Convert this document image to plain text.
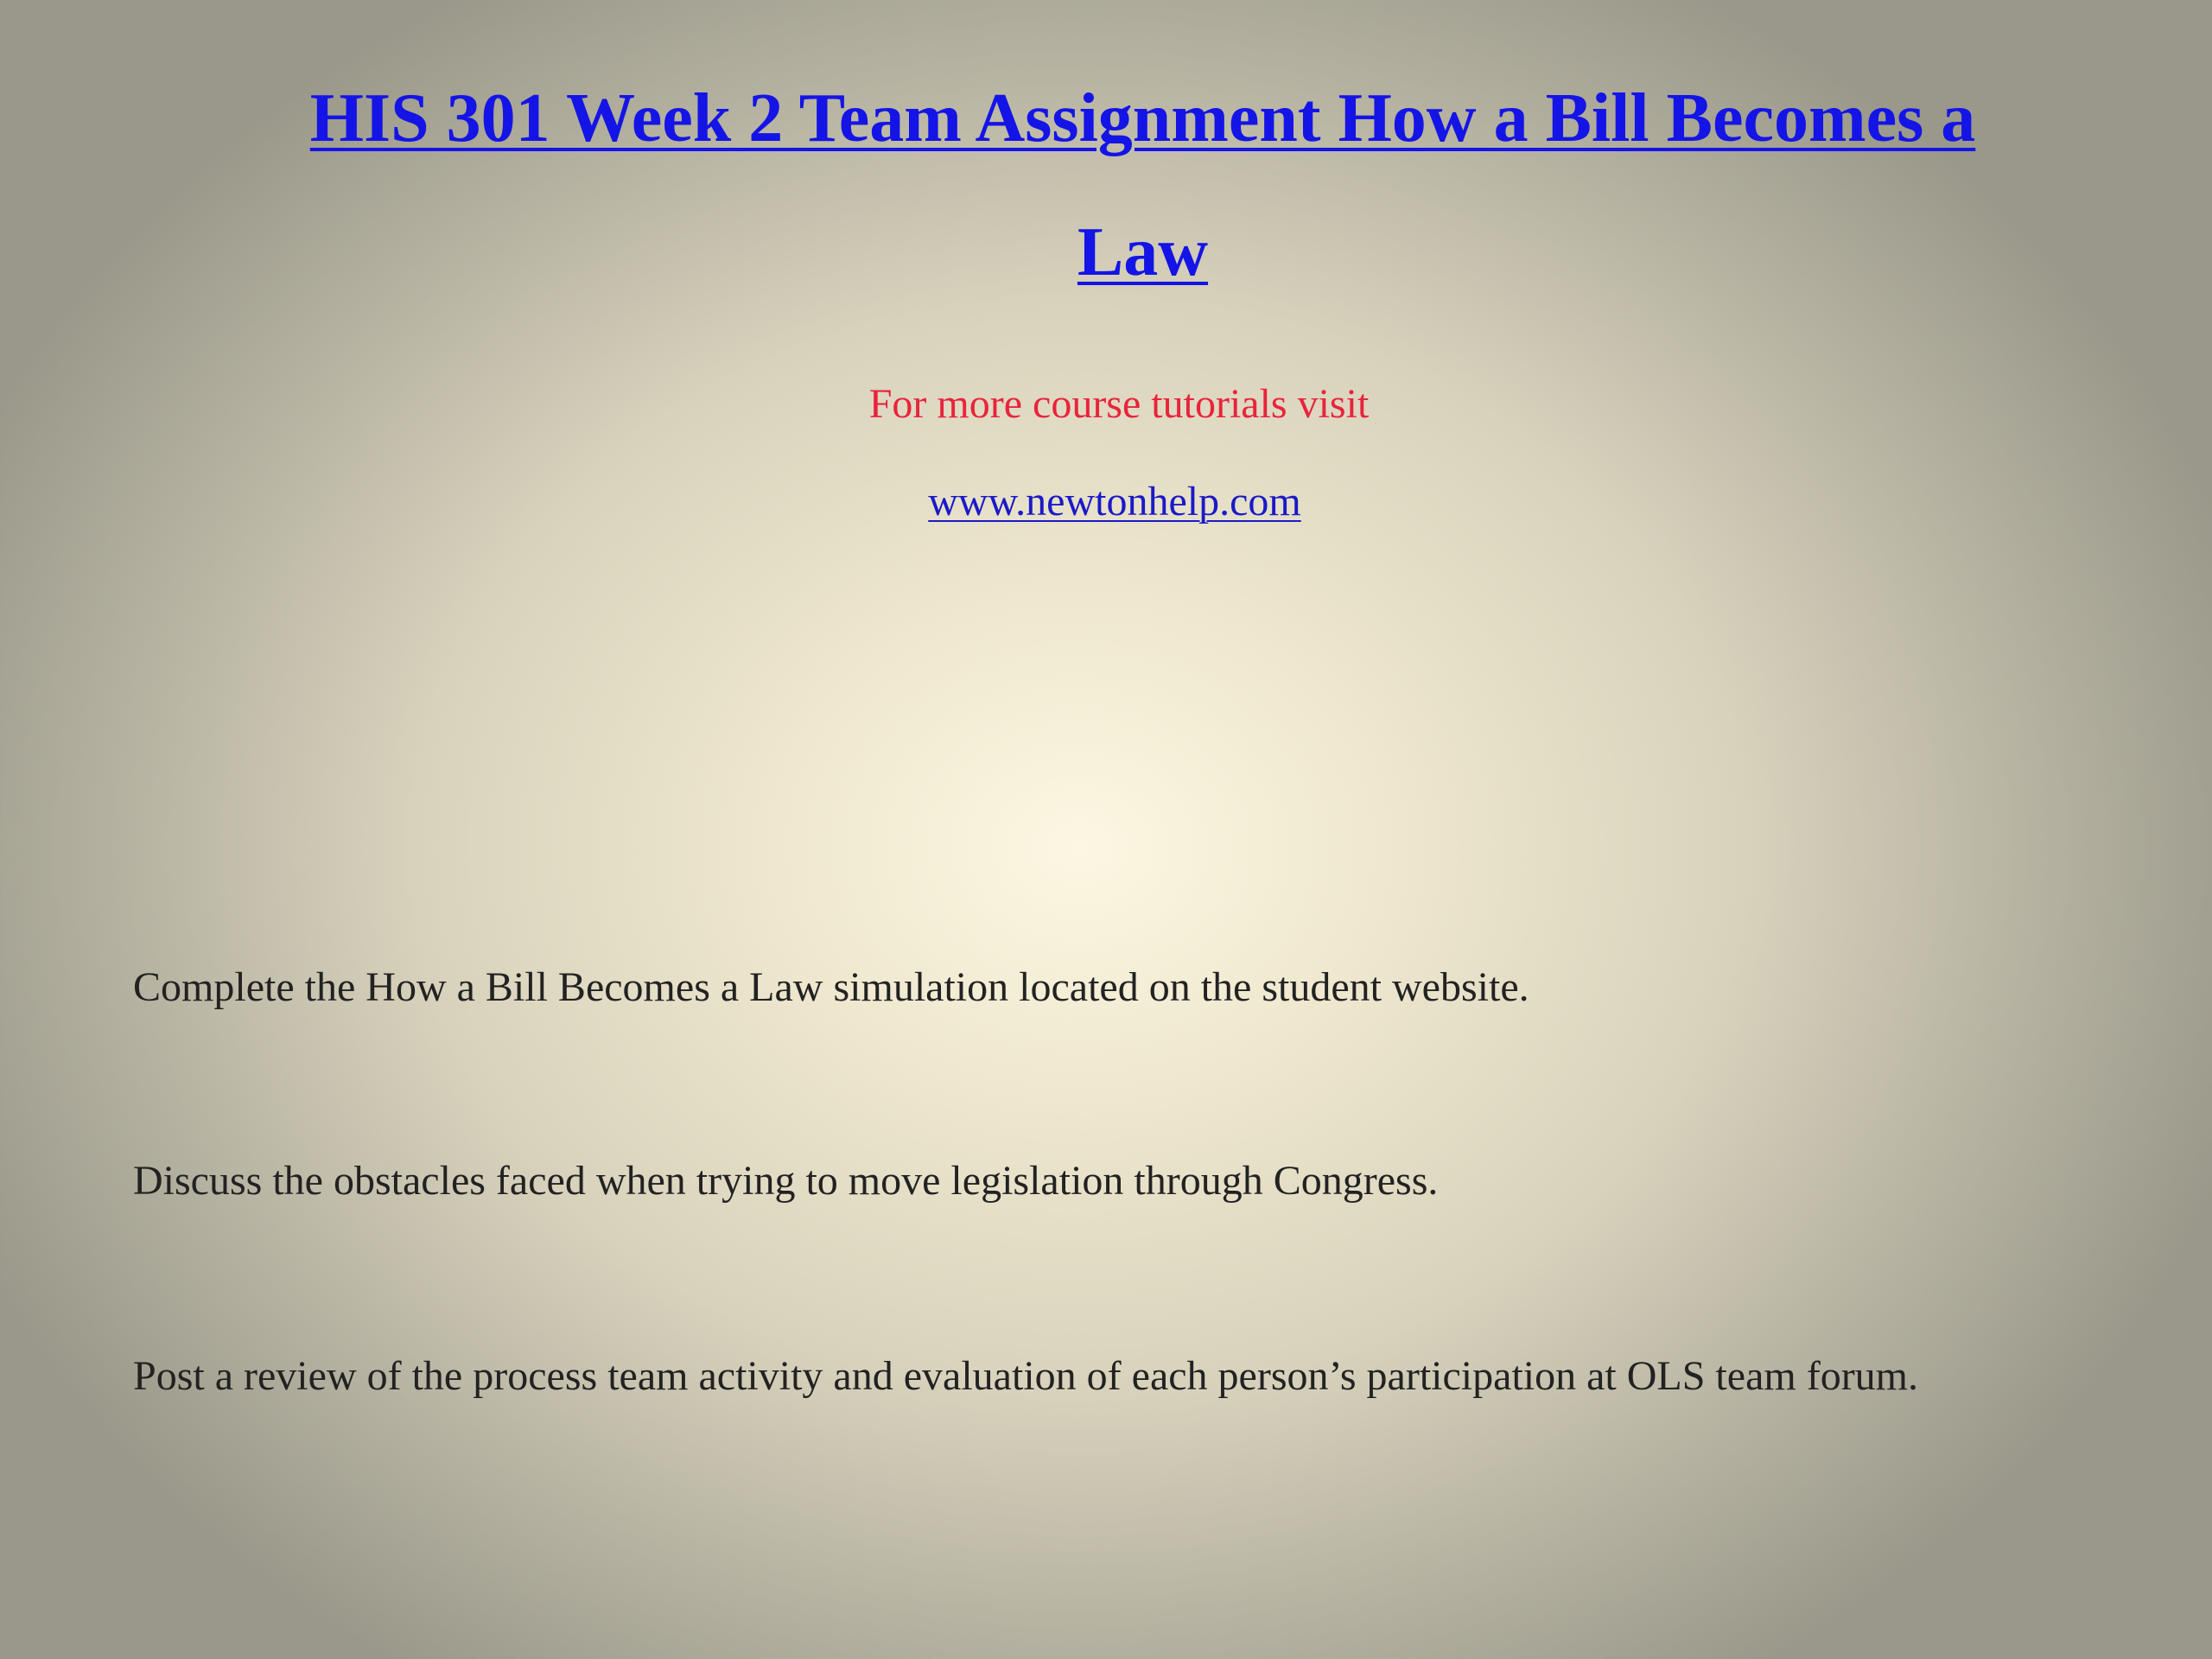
HIS 301 Week 2 Team Assignment How a Bill Becomes a
Law

For more course tutorials visit

www.newtonhelp.com

Complete the How a Bill Becomes a Law simulation located on the student website.

Discuss the obstacles faced when trying to move legislation through Congress.

Post a review of the process team activity and evaluation of each person’s participation at OLS team forum.
